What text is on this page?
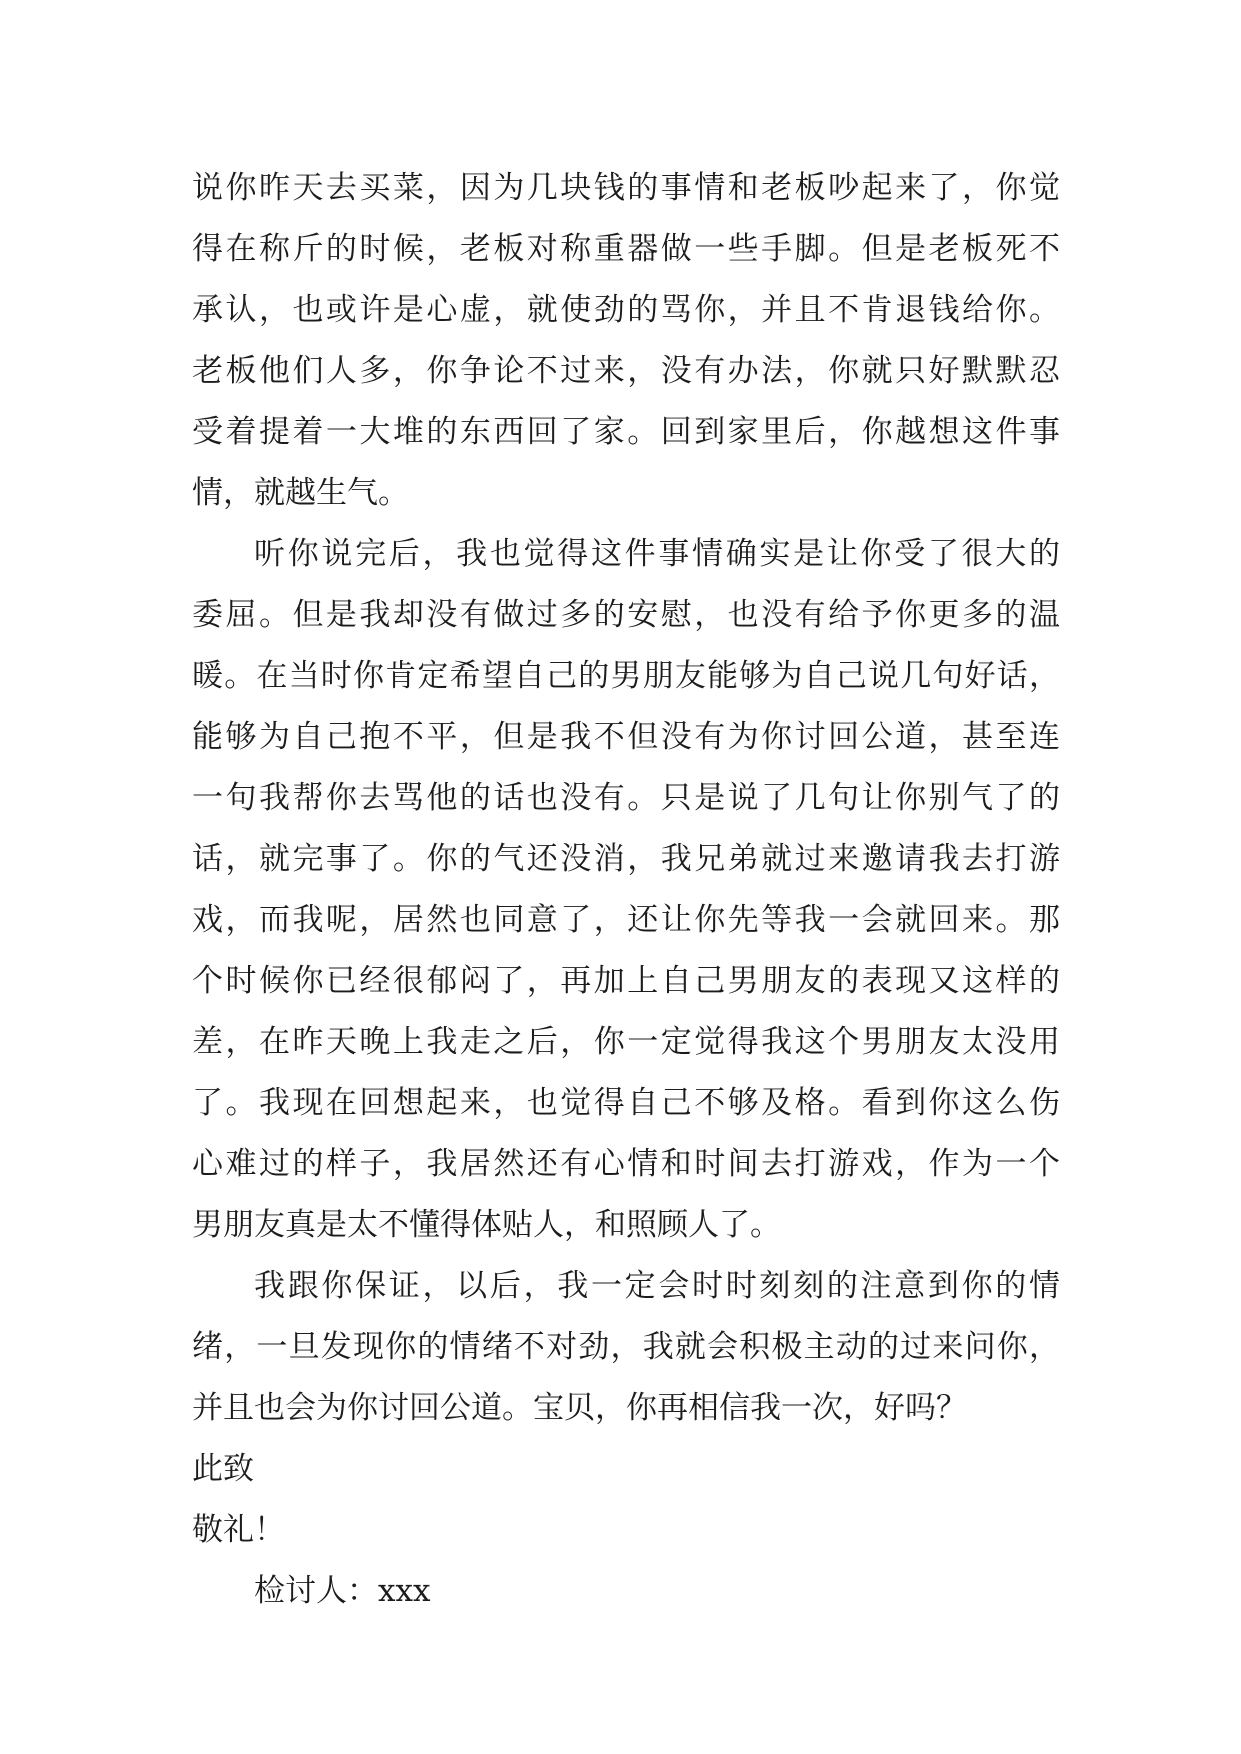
说你昨天去买菜，因为几块钱的事情和老板吵起来了，你觉
得在称斤的时候，老板对称重器做一些手脚。但是老板死不
承认，也或许是心虚，就使劲的骂你，并且不肯退钱给你。
老板他们人多，你争论不过来，没有办法，你就只好默默忍
受着提着一大堆的东西回了家。回到家里后，你越想这件事
情，就越生气。
听你说完后，我也觉得这件事情确实是让你受了很大的
委屈。但是我却没有做过多的安慰，也没有给予你更多的温
暖。在当时你肯定希望自己的男朋友能够为自己说几句好话，
能够为自己抱不平，但是我不但没有为你讨回公道，甚至连
一句我帮你去骂他的话也没有。只是说了几句让你别气了的
话，就完事了。你的气还没消，我兄弟就过来邀请我去打游
戏，而我呢，居然也同意了，还让你先等我一会就回来。那
个时候你已经很郁闷了，再加上自己男朋友的表现又这样的
差，在昨天晚上我走之后，你一定觉得我这个男朋友太没用
了。我现在回想起来，也觉得自己不够及格。看到你这么伤
心难过的样子，我居然还有心情和时间去打游戏，作为一个
男朋友真是太不懂得体贴人，和照顾人了。
我跟你保证，以后，我一定会时时刻刻的注意到你的情
绪，一旦发现你的情绪不对劲，我就会积极主动的过来问你，
并且也会为你讨回公道。宝贝，你再相信我一次，好吗？
此致
敬礼！
检讨人：xxx
